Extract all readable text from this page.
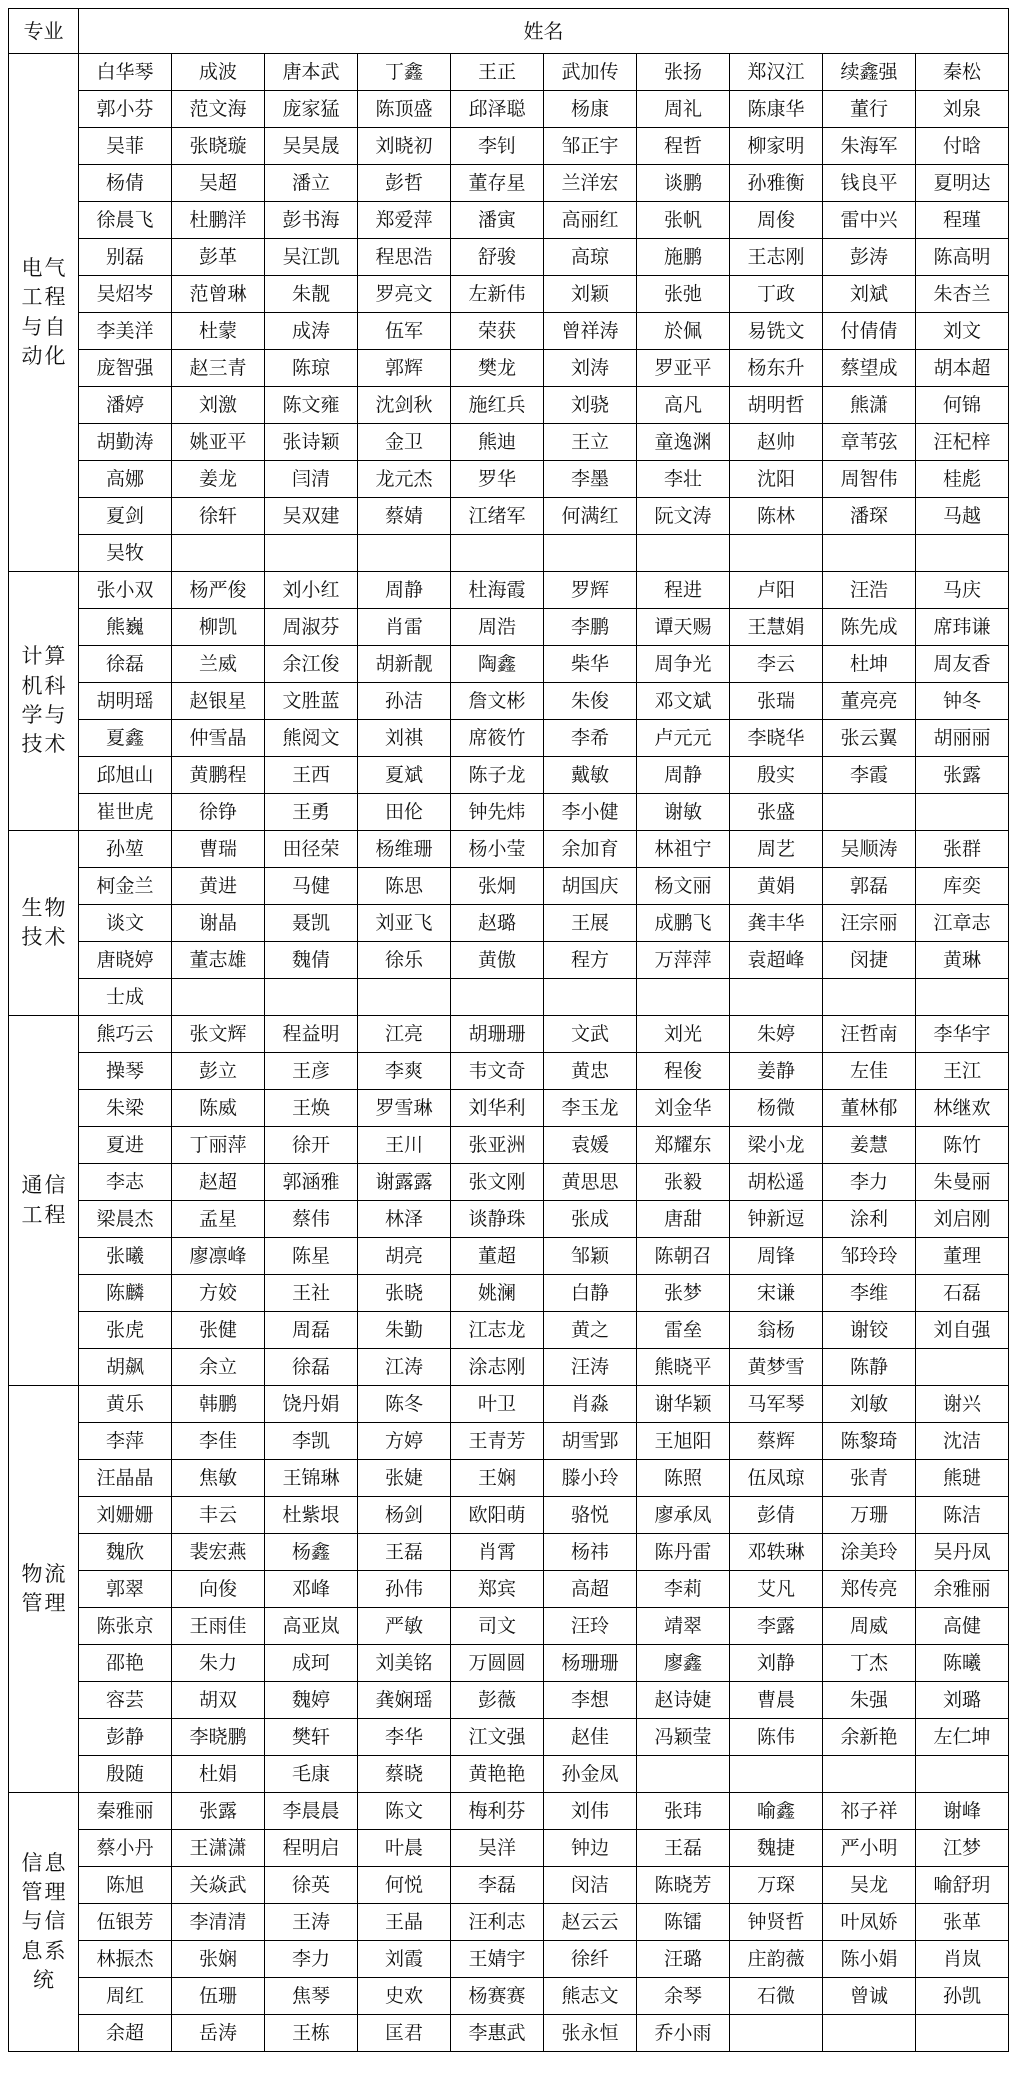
专业	姓名									
电气工程与自动化	白华琴	成波	唐本武	丁鑫	王正	武加传	张扬	郑汉江	续鑫强	秦松
	郭小芬	范文海	庞家猛	陈顶盛	邱泽聪	杨康	周礼	陈康华	董行	刘泉
	吴菲	张晓璇	吴昊晟	刘晓初	李钊	邹正宇	程哲	柳家明	朱海军	付晗
	杨倩	吴超	潘立	彭哲	董存星	兰洋宏	谈鹏	孙雅衡	钱良平	夏明达
	徐晨飞	杜鹏洋	彭书海	郑爱萍	潘寅	高丽红	张帆	周俊	雷中兴	程瑾
	别磊	彭革	吴江凯	程思浩	舒骏	高琼	施鹏	王志刚	彭涛	陈高明
	吴炤岑	范曾琳	朱靓	罗亮文	左新伟	刘颖	张弛	丁政	刘斌	朱杏兰
	李美洋	杜蒙	成涛	伍军	荣获	曾祥涛	於佩	易铣文	付倩倩	刘文
	庞智强	赵三青	陈琼	郭辉	樊龙	刘涛	罗亚平	杨东升	蔡望成	胡本超
	潘婷	刘激	陈文雍	沈剑秋	施红兵	刘骁	高凡	胡明哲	熊潇	何锦
	胡勤涛	姚亚平	张诗颖	金卫	熊迪	王立	童逸渊	赵帅	章苇弦	汪杞梓
	高娜	姜龙	闫清	龙元杰	罗华	李墨	李壮	沈阳	周智伟	桂彪
	夏剑	徐轩	吴双建	蔡婧	江绪军	何满红	阮文涛	陈林	潘琛	马越
	吴牧									
计算机科学与技术	张小双	杨严俊	刘小红	周静	杜海霞	罗辉	程进	卢阳	汪浩	马庆
	熊巍	柳凯	周淑芬	肖雷	周浩	李鹏	谭天赐	王慧娟	陈先成	席玮谦
	徐磊	兰威	余江俊	胡新靓	陶鑫	柴华	周争光	李云	杜坤	周友香
	胡明瑶	赵银星	文胜蓝	孙洁	詹文彬	朱俊	邓文斌	张瑞	董亮亮	钟冬
	夏鑫	仲雪晶	熊阅文	刘祺	席筱竹	李希	卢元元	李晓华	张云翼	胡丽丽
	邱旭山	黄鹏程	王西	夏斌	陈子龙	戴敏	周静	殷实	李霞	张露
	崔世虎	徐铮	王勇	田伦	钟先炜	李小健	谢敏	张盛		
生物技术	孙堃	曹瑞	田径荣	杨维珊	杨小莹	余加育	林祖宁	周艺	吴顺涛	张群
	柯金兰	黄进	马健	陈思	张炯	胡国庆	杨文丽	黄娟	郭磊	库奕
	谈文	谢晶	聂凯	刘亚飞	赵璐	王展	成鹏飞	龚丰华	汪宗丽	江章志
	唐晓婷	董志雄	魏倩	徐乐	黄傲	程方	万萍萍	袁超峰	闵捷	黄琳
	士成									
通信工程	熊巧云	张文辉	程益明	江亮	胡珊珊	文武	刘光	朱婷	汪哲南	李华宇
	操琴	彭立	王彦	李爽	韦文奇	黄忠	程俊	姜静	左佳	王江
	朱梁	陈威	王焕	罗雪琳	刘华利	李玉龙	刘金华	杨微	董林郁	林继欢
	夏进	丁丽萍	徐开	王川	张亚洲	袁媛	郑耀东	梁小龙	姜慧	陈竹
	李志	赵超	郭涵雅	谢露露	张文刚	黄思思	张毅	胡松遥	李力	朱曼丽
	梁晨杰	孟星	蔡伟	林泽	谈静珠	张成	唐甜	钟新逗	涂利	刘启刚
	张曦	廖凛峰	陈星	胡亮	董超	邹颖	陈朝召	周锋	邹玲玲	董理
	陈麟	方姣	王社	张晓	姚澜	白静	张梦	宋谦	李维	石磊
	张虎	张健	周磊	朱勤	江志龙	黄之	雷垒	翁杨	谢铰	刘自强
	胡飙	余立	徐磊	江涛	涂志刚	汪涛	熊晓平	黄梦雪	陈静	
物流管理	黄乐	韩鹏	饶丹娟	陈冬	叶卫	肖淼	谢华颖	马军琴	刘敏	谢兴
	李萍	李佳	李凯	方婷	王青芳	胡雪郢	王旭阳	蔡辉	陈黎琦	沈洁
	汪晶晶	焦敏	王锦琳	张婕	王娴	滕小玲	陈照	伍凤琼	张青	熊琎
	刘姗姗	丰云	杜紫垠	杨剑	欧阳萌	骆悦	廖承凤	彭倩	万珊	陈洁
	魏欣	裴宏燕	杨鑫	王磊	肖霄	杨祎	陈丹雷	邓轶琳	涂美玲	吴丹凤
	郭翠	向俊	邓峰	孙伟	郑宾	高超	李莉	艾凡	郑传亮	余雅丽
	陈张京	王雨佳	高亚岚	严敏	司文	汪玲	靖翠	李露	周威	高健
	邵艳	朱力	成珂	刘美铭	万圆圆	杨珊珊	廖鑫	刘静	丁杰	陈曦
	容芸	胡双	魏婷	龚娴瑶	彭薇	李想	赵诗婕	曹晨	朱强	刘璐
	彭静	李晓鹏	樊轩	李华	江文强	赵佳	冯颖莹	陈伟	余新艳	左仁坤
	殷随	杜娟	毛康	蔡晓	黄艳艳	孙金凤				
信息管理与信息系统	秦雅丽	张露	李晨晨	陈文	梅利芬	刘伟	张玮	喻鑫	祁子祥	谢峰
	蔡小丹	王潇潇	程明启	叶晨	吴洋	钟边	王磊	魏捷	严小明	江梦
	陈旭	关焱武	徐英	何悦	李磊	闵洁	陈晓芳	万琛	吴龙	喻舒玥
	伍银芳	李清清	王涛	王晶	汪利志	赵云云	陈镭	钟贤哲	叶凤娇	张革
	林振杰	张娴	李力	刘霞	王婧宇	徐纤	汪璐	庄韵薇	陈小娟	肖岚
	周红	伍珊	焦琴	史欢	杨赛赛	熊志文	余琴	石微	曾诚	孙凯
	余超	岳涛	王栋	匡君	李惠武	张永恒	乔小雨			
